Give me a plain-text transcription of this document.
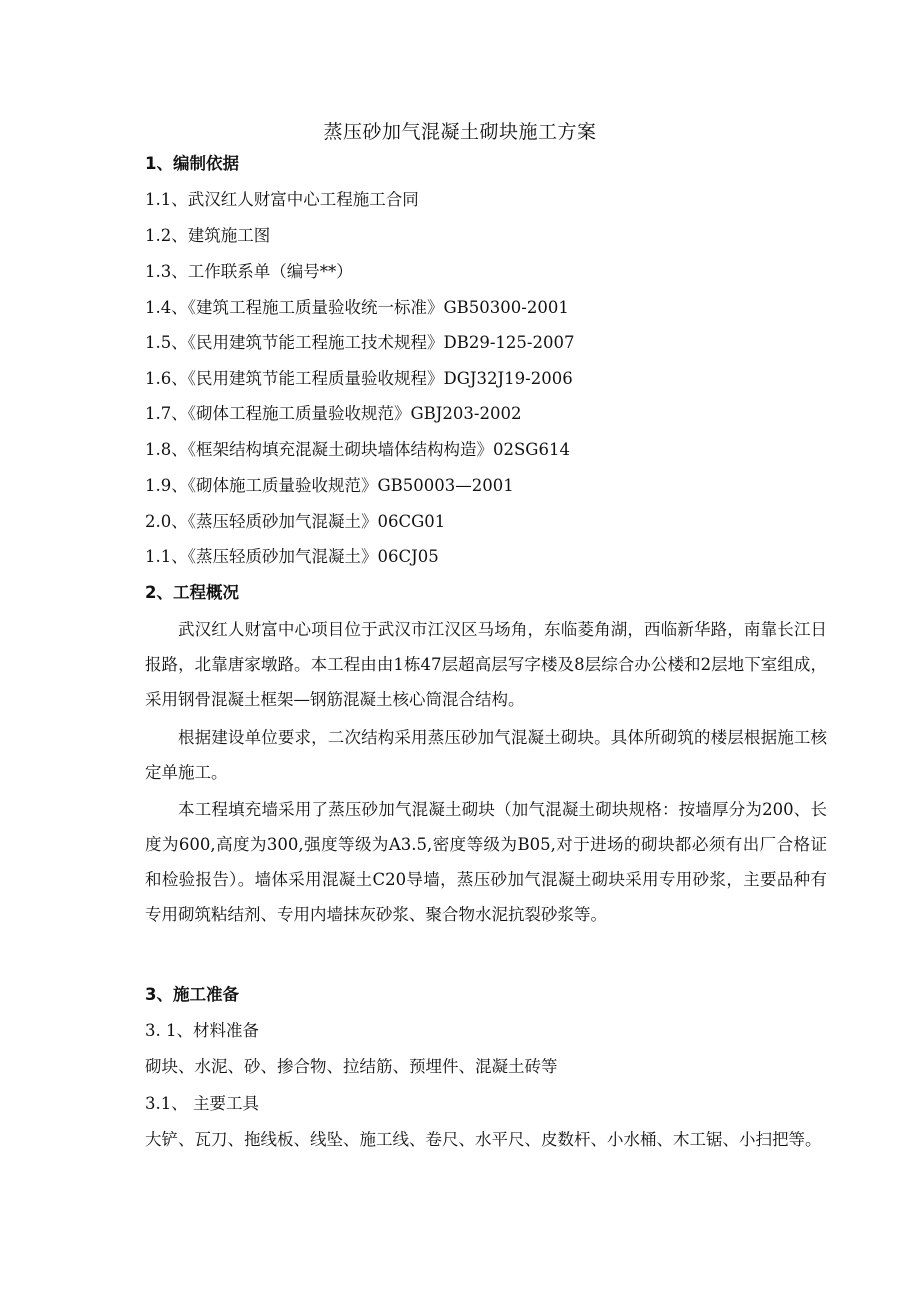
蒸压砂加气混凝土砌块施工方案
1、编制依据
1.1、武汉红人财富中心工程施工合同
1.2、建筑施工图
1.3、工作联系单（编号**）
1.4、《建筑工程施工质量验收统一标准》GB50300-2001
1.5、《民用建筑节能工程施工技术规程》DB29-125-2007
1.6、《民用建筑节能工程质量验收规程》DGJ32J19-2006
1.7、《砌体工程施工质量验收规范》GBJ203-2002
1.8、《框架结构填充混凝土砌块墙体结构构造》02SG614
1.9、《砌体施工质量验收规范》GB50003—2001
2.0、《蒸压轻质砂加气混凝土》06CG01
1.1、《蒸压轻质砂加气混凝土》06CJ05
2、工程概况
武汉红人财富中心项目位于武汉市江汉区马场角，东临菱角湖，西临新华路，南靠长江日报路，北靠唐家墩路。本工程由由1栋47层超高层写字楼及8层综合办公楼和2层地下室组成，采用钢骨混凝土框架—钢筋混凝土核心筒混合结构。
根据建设单位要求，二次结构采用蒸压砂加气混凝土砌块。具体所砌筑的楼层根据施工核定单施工。
本工程填充墙采用了蒸压砂加气混凝土砌块（加气混凝土砌块规格：按墙厚分为200、长度为600,高度为300,强度等级为A3.5,密度等级为B05,对于进场的砌块都必须有出厂合格证和检验报告）。墙体采用混凝土C20导墙，蒸压砂加气混凝土砌块采用专用砂浆，主要品种有专用砌筑粘结剂、专用内墙抹灰砂浆、聚合物水泥抗裂砂浆等。
3、施工准备
3. 1、材料准备
砌块、水泥、砂、掺合物、拉结筋、预埋件、混凝土砖等
3.1、 主要工具
大铲、瓦刀、拖线板、线坠、施工线、卷尺、水平尺、皮数杆、小水桶、木工锯、小扫把等。
